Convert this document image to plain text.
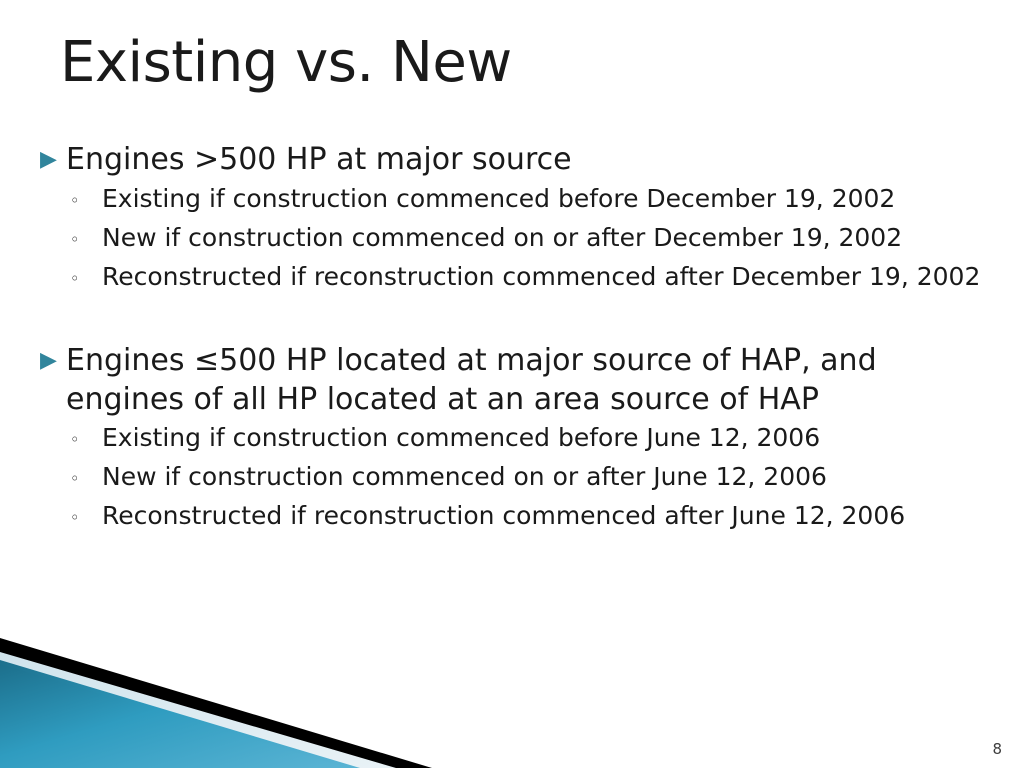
Existing vs. New
▶ Engines >500 HP at major source
◦ Existing if construction commenced before December 19, 2002
◦ New if construction commenced on or after December 19, 2002
◦ Reconstructed if reconstruction commenced after December 19, 2002
▶ Engines ≤500 HP located at major source of HAP, and engines of all HP located at an area source of HAP
◦ Existing if construction commenced before June 12, 2006
◦ New if construction commenced on or after June 12, 2006
◦ Reconstructed if reconstruction commenced after June 12, 2006
8
